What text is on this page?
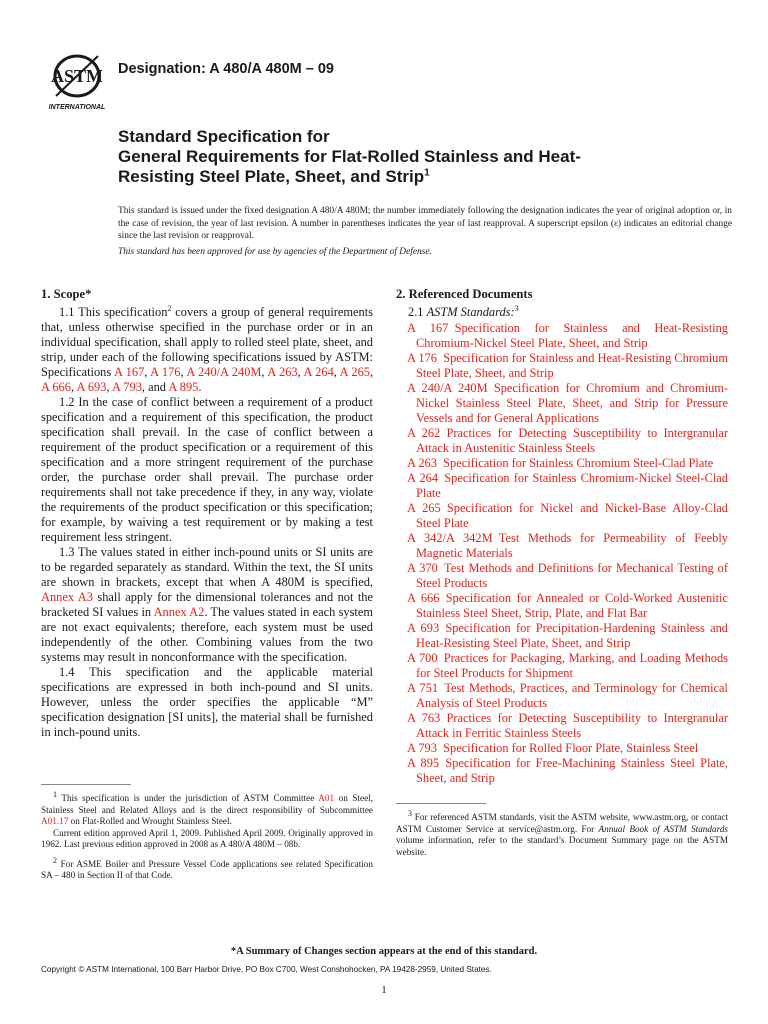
ASTM
INTERNATIONAL
Designation: A 480/A 480M – 09
Standard Specification for
General Requirements for Flat-Rolled Stainless and Heat-
Resisting Steel Plate, Sheet, and Strip$^1$
This standard is issued under the fixed designation A 480/A 480M; the number immediately following the designation indicates the year of original adoption or, in the case of revision, the year of last revision. A number in parentheses indicates the year of last reapproval. A superscript epsilon (ε) indicates an editorial change since the last revision or reapproval.
This standard has been approved for use by agencies of the Department of Defense.
1. Scope*

1.1 This specification$^2$ covers a group of general requirements that, unless otherwise specified in the purchase order or in an individual specification, shall apply to rolled steel plate, sheet, and strip, under each of the following specifications issued by ASTM: Specifications A 167, A 176, A 240/A 240M, A 263, A 264, A 265, A 666, A 693, A 793, and A 895.

1.2 In the case of conflict between a requirement of a product specification and a requirement of this specification, the product specification shall prevail. In the case of conflict between a requirement of the product specification or a requirement of this specification and a more stringent requirement of the purchase order, the purchase order shall prevail. The purchase order requirements shall not take precedence if they, in any way, violate the requirements of the product specification or this specification; for example, by waiving a test requirement or by making a test requirement less stringent.

1.3 The values stated in either inch-pound units or SI units are to be regarded separately as standard. Within the text, the SI units are shown in brackets, except that when A 480M is specified, Annex A3 shall apply for the dimensional tolerances and not the bracketed SI values in Annex A2. The values stated in each system are not exact equivalents; therefore, each system must be used independently of the other. Combining values from the two systems may result in nonconformance with the specification.

1.4 This specification and the applicable material specifications are expressed in both inch-pound and SI units. However, unless the order specifies the applicable “M” specification designation [SI units], the material shall be furnished in inch-pound units.

$^1$ This specification is under the jurisdiction of ASTM Committee A01 on Steel, Stainless Steel and Related Alloys and is the direct responsibility of Subcommittee A01.17 on Flat-Rolled and Wrought Stainless Steel.

Current edition approved April 1, 2009. Published April 2009. Originally approved in 1962. Last previous edition approved in 2008 as A 480/A 480M – 08b.

$^2$ For ASME Boiler and Pressure Vessel Code applications see related Specification SA – 480 in Section II of that Code.

2. Referenced Documents
2.1 ASTM Standards:$^3$
A 167  Specification for Stainless and Heat-Resisting Chromium-Nickel Steel Plate, Sheet, and Strip
A 176  Specification for Stainless and Heat-Resisting Chromium Steel Plate, Sheet, and Strip
A 240/A 240M  Specification for Chromium and Chromium-Nickel Stainless Steel Plate, Sheet, and Strip for Pressure Vessels and for General Applications
A 262  Practices for Detecting Susceptibility to Intergranular Attack in Austenitic Stainless Steels
A 263  Specification for Stainless Chromium Steel-Clad Plate
A 264  Specification for Stainless Chromium-Nickel Steel-Clad Plate
A 265  Specification for Nickel and Nickel-Base Alloy-Clad Steel Plate
A 342/A 342M  Test Methods for Permeability of Feebly Magnetic Materials
A 370  Test Methods and Definitions for Mechanical Testing of Steel Products
A 666  Specification for Annealed or Cold-Worked Austenitic Stainless Steel Sheet, Strip, Plate, and Flat Bar
A 693  Specification for Precipitation-Hardening Stainless and Heat-Resisting Steel Plate, Sheet, and Strip
A 700  Practices for Packaging, Marking, and Loading Methods for Steel Products for Shipment
A 751  Test Methods, Practices, and Terminology for Chemical Analysis of Steel Products
A 763  Practices for Detecting Susceptibility to Intergranular Attack in Ferritic Stainless Steels
A 793  Specification for Rolled Floor Plate, Stainless Steel
A 895  Specification for Free-Machining Stainless Steel Plate, Sheet, and Strip

$^3$ For referenced ASTM standards, visit the ASTM website, www.astm.org, or contact ASTM Customer Service at service@astm.org. For Annual Book of ASTM Standards volume information, refer to the standard’s Document Summary page on the ASTM website.

*A Summary of Changes section appears at the end of this standard.
Copyright © ASTM International, 100 Barr Harbor Drive, PO Box C700, West Conshohocken, PA 19428-2959, United States.
1
